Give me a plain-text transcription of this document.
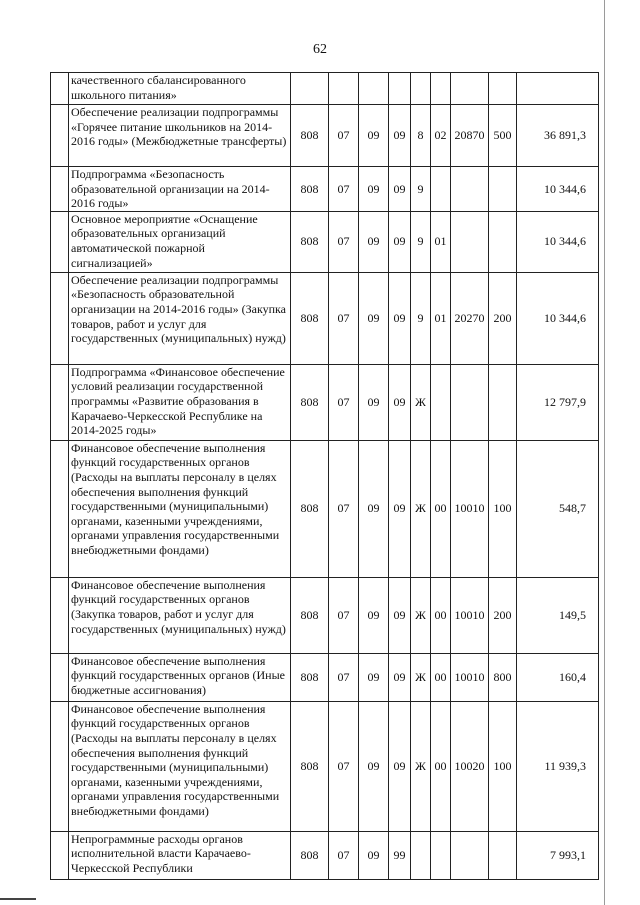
62
	качественного сбалансированного школьного питания»									
	Обеспечение реализации подпрограммы «Горячее питание школьников на 2014-2016 годы» (Межбюджетные трансферты)	808	07	09	09	8	02	20870	500	36 891,3
	Подпрограмма «Безопасность образовательной организации на 2014-2016 годы»	808	07	09	09	9				10 344,6
	Основное мероприятие «Оснащение образовательных организаций автоматической пожарной сигнализацией»	808	07	09	09	9	01			10 344,6
	Обеспечение реализации подпрограммы «Безопасность образовательной организации на 2014-2016 годы» (Закупка товаров, работ и услуг для государственных (муниципальных) нужд)	808	07	09	09	9	01	20270	200	10 344,6
	Подпрограмма «Финансовое обеспечение условий реализации государственной программы «Развитие образования в Карачаево-Черкесской Республике на 2014-2025 годы»	808	07	09	09	Ж				12 797,9
	Финансовое обеспечение выполнения функций государственных органов (Расходы на выплаты персоналу в целях обеспечения выполнения функций государственными (муниципальными) органами, казенными учреждениями, органами управления государственными внебюджетными фондами)	808	07	09	09	Ж	00	10010	100	548,7
	Финансовое обеспечение выполнения функций государственных органов (Закупка товаров, работ и услуг для государственных (муниципальных) нужд)	808	07	09	09	Ж	00	10010	200	149,5
	Финансовое обеспечение выполнения функций государственных органов (Иные бюджетные ассигнования)	808	07	09	09	Ж	00	10010	800	160,4
	Финансовое обеспечение выполнения функций государственных органов (Расходы на выплаты персоналу в целях обеспечения выполнения функций государственными (муниципальными) органами, казенными учреждениями, органами управления государственными внебюджетными фондами)	808	07	09	09	Ж	00	10020	100	11 939,3
	Непрограммные расходы органов исполнительной власти Карачаево-Черкесской Республики	808	07	09	99					7 993,1
